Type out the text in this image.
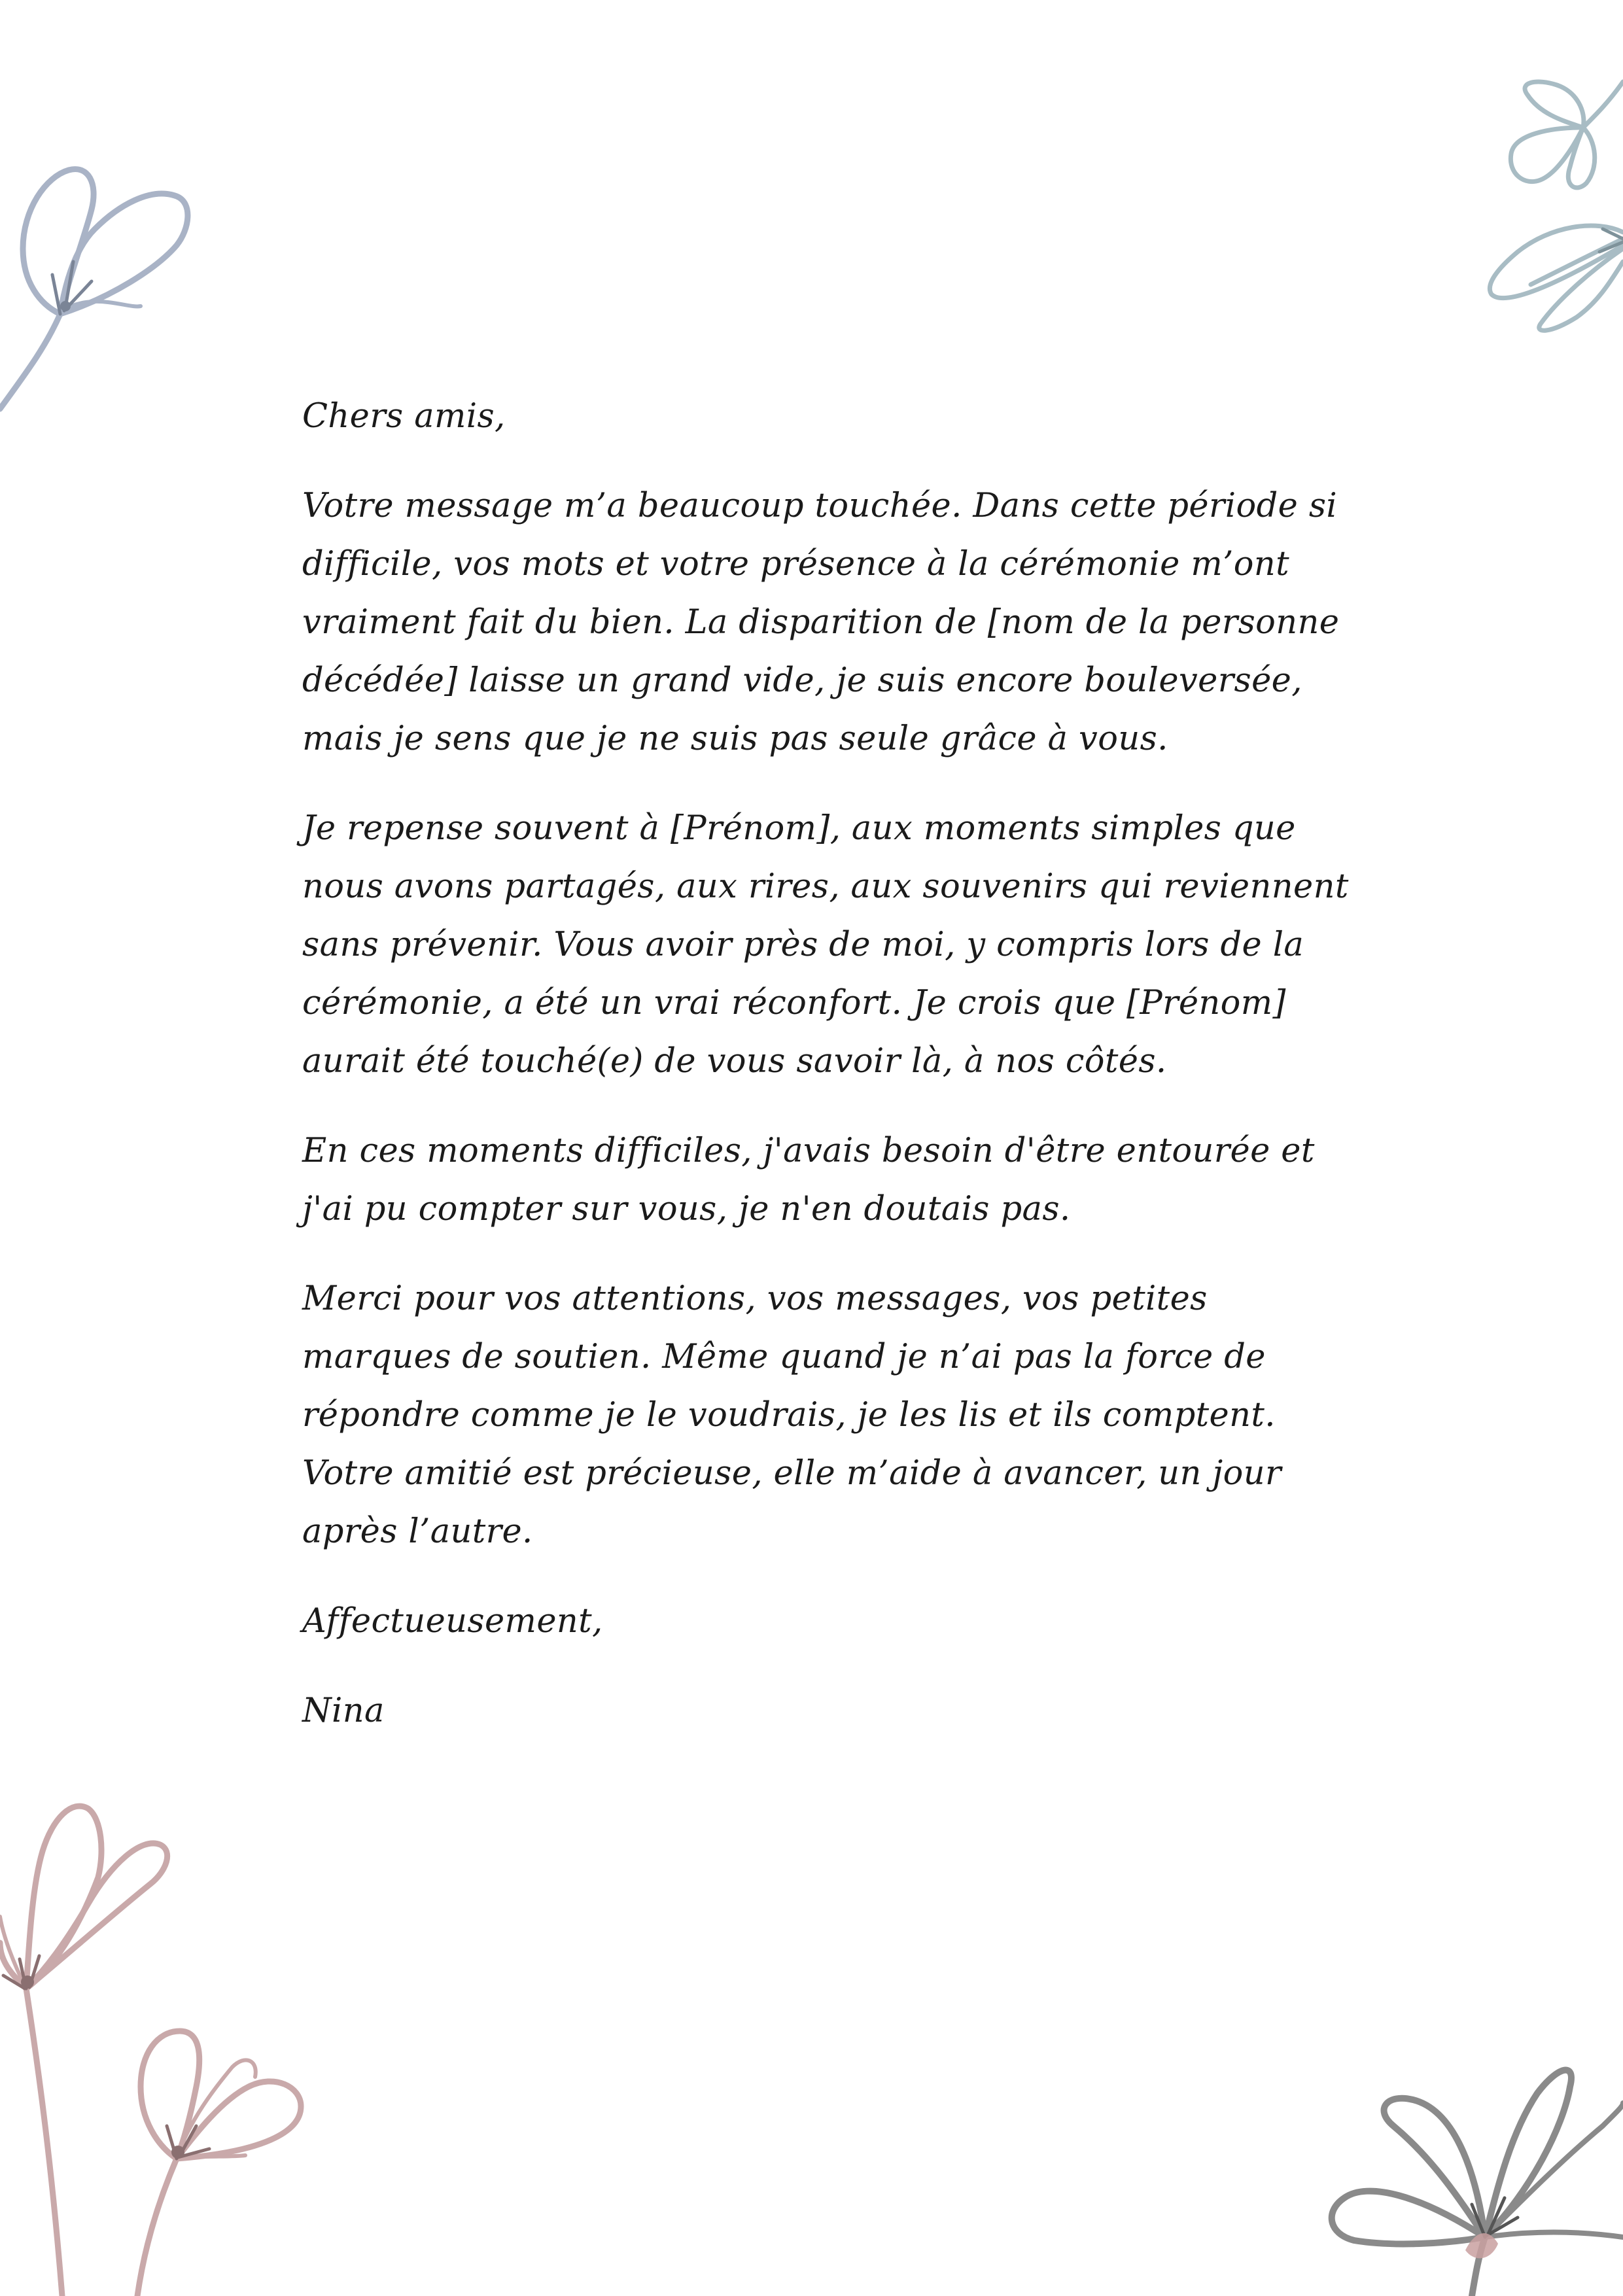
Chers amis,

Votre message m’a beaucoup touchée. Dans cette période si difficile, vos mots et votre présence à la cérémonie m’ont vraiment fait du bien. La disparition de [nom de la personne décédée] laisse un grand vide, je suis encore bouleversée, mais je sens que je ne suis pas seule grâce à vous.

Je repense souvent à [Prénom], aux moments simples que nous avons partagés, aux rires, aux souvenirs qui reviennent sans prévenir. Vous avoir près de moi, y compris lors de la cérémonie, a été un vrai réconfort. Je crois que [Prénom] aurait été touché(e) de vous savoir là, à nos côtés.

En ces moments difficiles, j'avais besoin d'être entourée et j'ai pu compter sur vous, je n'en doutais pas.

Merci pour vos attentions, vos messages, vos petites marques de soutien. Même quand je n’ai pas la force de répondre comme je le voudrais, je les lis et ils comptent. Votre amitié est précieuse, elle m’aide à avancer, un jour après l’autre.

Affectueusement,

Nina
